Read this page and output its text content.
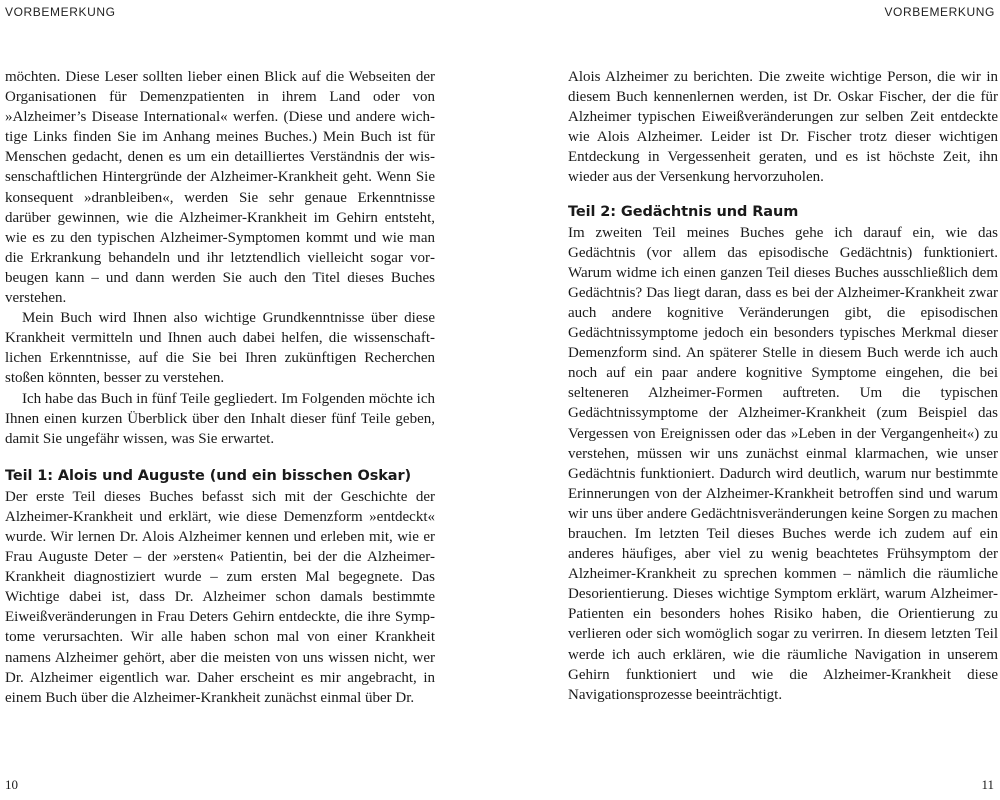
VORBEMERKUNG

möchten. Diese Leser sollten lieber einen Blick auf die Webseiten der Organisationen für Demenzpatienten in ihrem Land oder von »Alzheimer’s Disease International« werfen. (Diese und andere wichtige Links finden Sie im Anhang meines Buches.) Mein Buch ist für Menschen gedacht, denen es um ein detailliertes Verständnis der wissenschaftlichen Hintergründe der Alzheimer-Krankheit geht. Wenn Sie konsequent »dranbleiben«, werden Sie sehr genaue Erkenntnisse darüber gewinnen, wie die Alzheimer-Krankheit im Gehirn entsteht, wie es zu den typischen Alzheimer-Symptomen kommt und wie man die Erkrankung behandeln und ihr letztendlich vielleicht sogar vorbeugen kann – und dann werden Sie auch den Titel dieses Buches verstehen.

Mein Buch wird Ihnen also wichtige Grundkenntnisse über diese Krankheit vermitteln und Ihnen auch dabei helfen, die wissenschaftlichen Erkenntnisse, auf die Sie bei Ihren zukünftigen Recherchen stoßen könnten, besser zu verstehen.

Ich habe das Buch in fünf Teile gegliedert. Im Folgenden möchte ich Ihnen einen kurzen Überblick über den Inhalt dieser fünf Teile geben, damit Sie ungefähr wissen, was Sie erwartet.

Teil 1: Alois und Auguste (und ein bisschen Oskar)

Der erste Teil dieses Buches befasst sich mit der Geschichte der Alzheimer-Krankheit und erklärt, wie diese Demenzform »entdeckt« wurde. Wir lernen Dr. Alois Alzheimer kennen und erleben mit, wie er Frau Auguste Deter – der »ersten« Patientin, bei der die Alzheimer-Krankheit diagnostiziert wurde – zum ersten Mal begegnete. Das Wichtige dabei ist, dass Dr. Alzheimer schon damals bestimmte Eiweißveränderungen in Frau Deters Gehirn entdeckte, die ihre Symptome verursachten. Wir alle haben schon mal von einer Krankheit namens Alzheimer gehört, aber die meisten von uns wissen nicht, wer Dr. Alzheimer eigentlich war. Daher erscheint es mir angebracht, in einem Buch über die Alzheimer-Krankheit zunächst einmal über Dr.

10
VORBEMERKUNG

Alois Alzheimer zu berichten. Die zweite wichtige Person, die wir in diesem Buch kennenlernen werden, ist Dr. Oskar Fischer, der die für Alzheimer typischen Eiweißveränderungen zur selben Zeit entdeckte wie Alois Alzheimer. Leider ist Dr. Fischer trotz dieser wichtigen Entdeckung in Vergessenheit geraten, und es ist höchste Zeit, ihn wieder aus der Versenkung hervorzuholen.

Teil 2: Gedächtnis und Raum

Im zweiten Teil meines Buches gehe ich darauf ein, wie das Gedächtnis (vor allem das episodische Gedächtnis) funktioniert. Warum widme ich einen ganzen Teil dieses Buches ausschließlich dem Gedächtnis? Das liegt daran, dass es bei der Alzheimer-Krankheit zwar auch andere kognitive Veränderungen gibt, die episodischen Gedächtnissymptome jedoch ein besonders typisches Merkmal dieser Demenzform sind. An späterer Stelle in diesem Buch werde ich auch noch auf ein paar andere kognitive Symptome eingehen, die bei selteneren Alzheimer-Formen auftreten. Um die typischen Gedächtnissymptome der Alzheimer-Krankheit (zum Beispiel das Vergessen von Ereignissen oder das »Leben in der Vergangenheit«) zu verstehen, müssen wir uns zunächst einmal klarmachen, wie unser Gedächtnis funktioniert. Dadurch wird deutlich, warum nur bestimmte Erinnerungen von der Alzheimer-Krankheit betroffen sind und warum wir uns über andere Gedächtnisveränderungen keine Sorgen zu machen brauchen. Im letzten Teil dieses Buches werde ich zudem auf ein anderes häufiges, aber viel zu wenig beachtetes Frühsymptom der Alzheimer-Krankheit zu sprechen kommen – nämlich die räumliche Desorientierung. Dieses wichtige Symptom erklärt, warum Alzheimer-Patienten ein besonders hohes Risiko haben, die Orientierung zu verlieren oder sich womöglich sogar zu verirren. In diesem letzten Teil werde ich auch erklären, wie die räumliche Navigation in unserem Gehirn funktioniert und wie die Alzheimer-Krankheit diese Navigationsprozesse beeinträchtigt.

11
